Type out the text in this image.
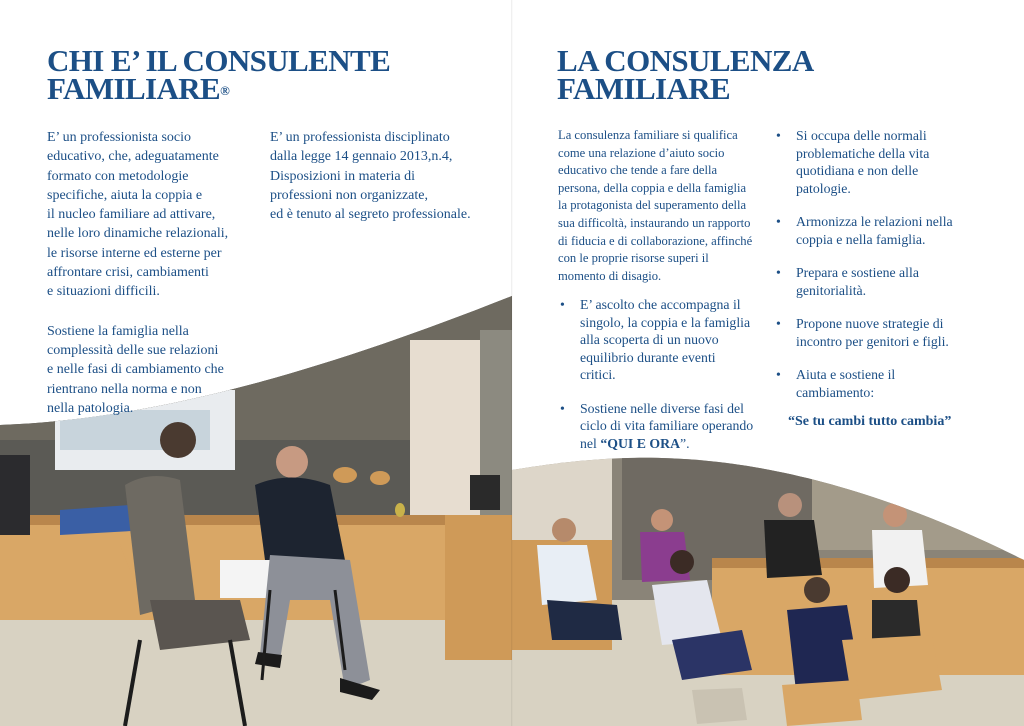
CHI E’ IL CONSULENTE
FAMILIARE®
E’ un professionista socio
educativo, che, adeguatamente
formato con metodologie
specifiche, aiuta la coppia e
il nucleo familiare ad attivare,
nelle loro dinamiche relazionali,
le risorse interne ed esterne per
affrontare crisi, cambiamenti
e situazioni difficili.
Sostiene la famiglia nella
complessità delle sue relazioni
e nelle fasi di cambiamento che
rientrano nella norma e non
nella patologia.
E’ un professionista disciplinato
dalla legge 14 gennaio 2013,n.4,
Disposizioni in materia di
professioni non organizzate,
ed è tenuto al segreto professionale.
LA CONSULENZA
FAMILIARE
La consulenza familiare si qualifica
come una relazione d’aiuto socio
educativo che tende a fare della
persona, della coppia e della famiglia
la protagonista del superamento della
sua difficoltà, instaurando un rapporto
di fiducia e di collaborazione, affinché
con le proprie risorse superi il
momento di disagio.
• E’ ascolto che accompagna il
singolo, la coppia e la famiglia
alla scoperta di un nuovo
equilibrio durante eventi
critici.
• Sostiene nelle diverse fasi del
ciclo di vita familiare operando
nel “QUI E ORA”.
• Si occupa delle normali
problematiche della vita
quotidiana e non delle
patologie.
• Armonizza le relazioni nella
coppia e nella famiglia.
• Prepara e sostiene alla
genitorialità.
• Propone nuove strategie di
incontro per genitori e figli.
• Aiuta e sostiene il
cambiamento:
“Se tu cambi tutto cambia”
